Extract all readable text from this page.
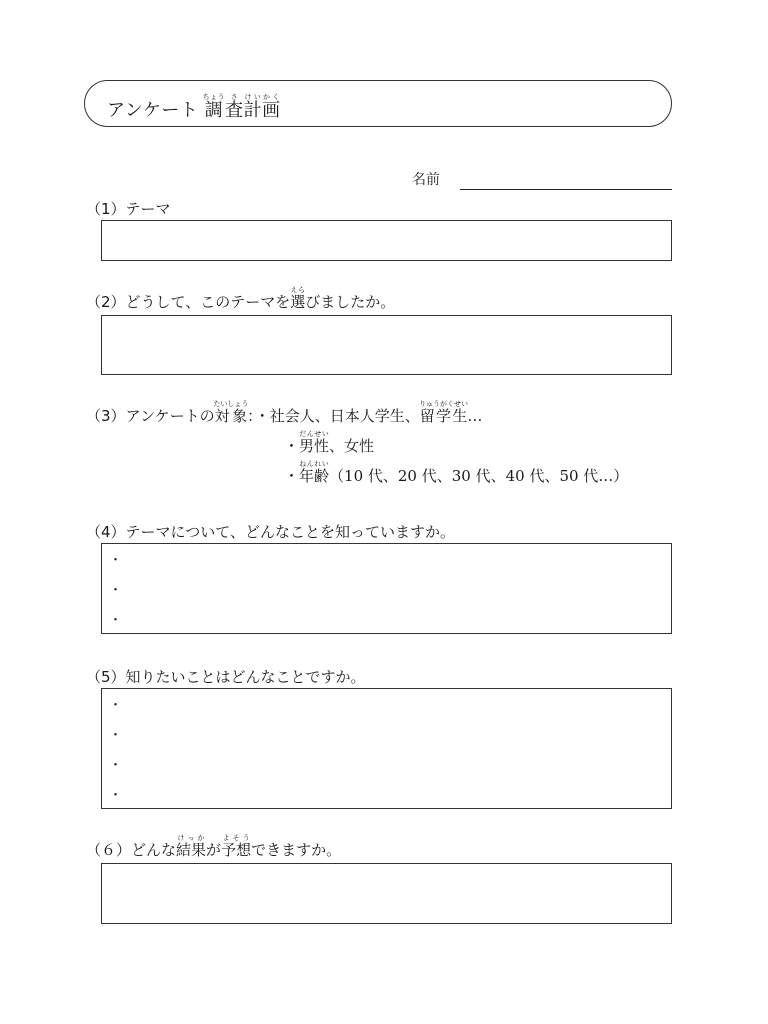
アンケート 調ちょう査さ計画けいかく
名前
（1）テーマ
（2）どうして、このテーマを選えらびましたか。
（3）アンケートの対象たいしょう：・社会人、日本人学生、留学生りゅうがくせい…
・男性だんせい、女性
・年齢ねんれい（10 代、20 代、30 代、40 代、50 代…）
（4）テーマについて、どんなことを知っていますか。
・
・
・
（5）知りたいことはどんなことですか。
・
・
・
・
（６）どんな結果けっかが予想よそうできますか。
